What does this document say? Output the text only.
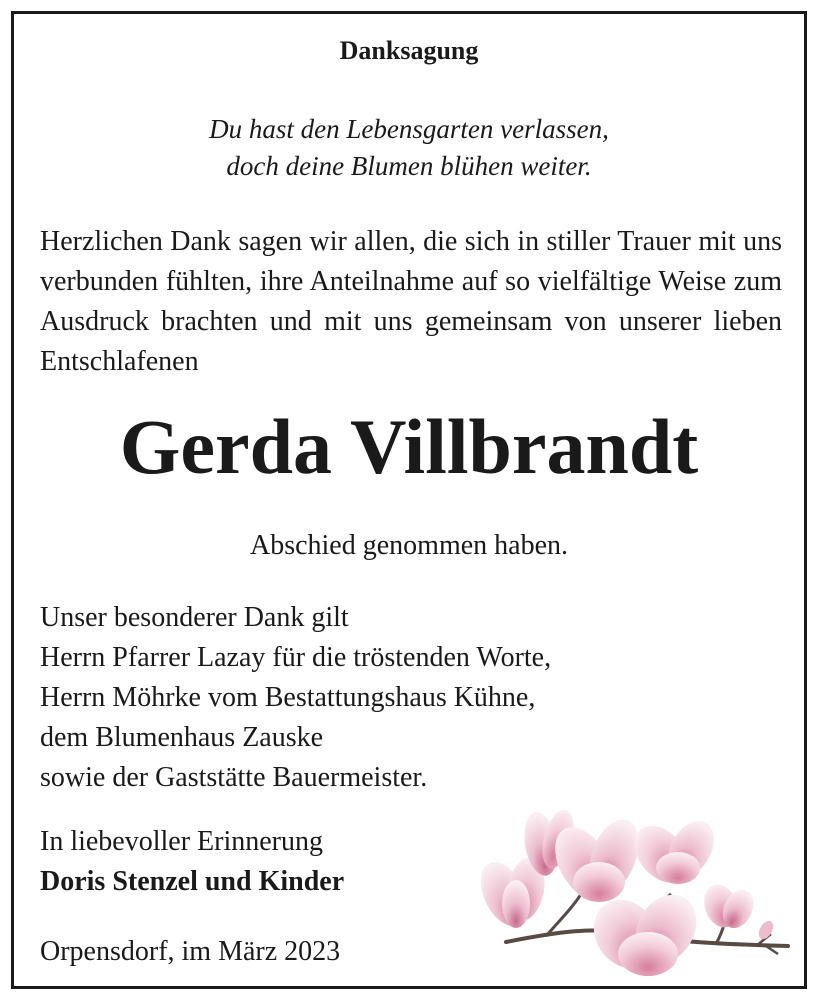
Danksagung
Du hast den Lebensgarten verlassen,
doch deine Blumen blühen weiter.
Herzlichen Dank sagen wir allen, die sich in stiller Trauer mit uns verbunden fühlten, ihre Anteilnahme auf so vielfältige Weise zum Ausdruck brachten und mit uns gemeinsam von unserer lieben Entschlafenen
Gerda Villbrandt
Abschied genommen haben.
Unser besonderer Dank gilt
Herrn Pfarrer Lazay für die tröstenden Worte,
Herrn Möhrke vom Bestattungshaus Kühne,
dem Blumenhaus Zauske
sowie der Gaststätte Bauermeister.
In liebevoller Erinnerung
Doris Stenzel und Kinder
Orpensdorf, im März 2023
